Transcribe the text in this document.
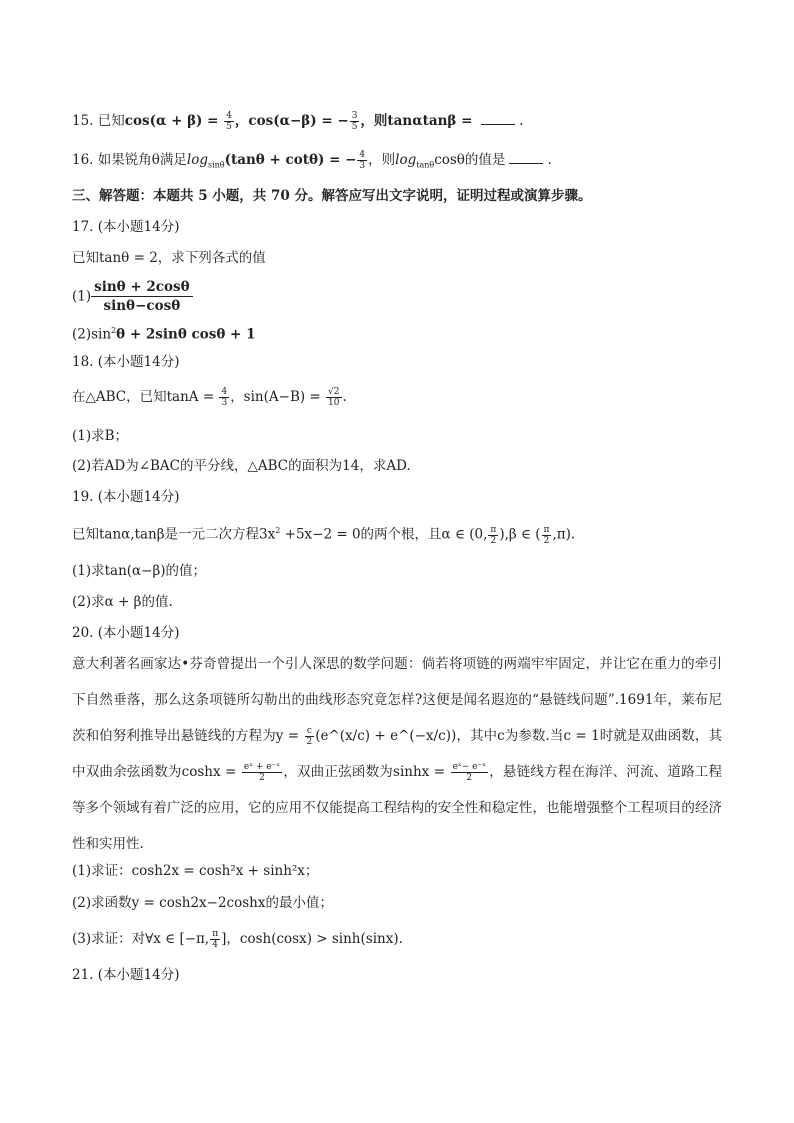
15. 已知$\cos(\alpha + \beta) = \frac{4}{5}$ ，cos(α−β) = − $\frac{3}{5}$ ，则tanαtanβ =	.
16. 如果锐角θ满足$\log_{sin\theta}(\tan\theta + \cot\theta)$ = − $\frac{4}{3}$ ，则$\log_{tan\theta}\cos\theta$的值是	.
三、解答题：本题共 5 小题，共 70 分。解答应写出文字说明，证明过程或演算步骤。
17. (本小题14分)
已知tanθ = 2，求下列各式的值
$(1) \frac{\sin\theta + 2\cos\theta}{\sin\theta-\cos\theta}$
$(2)\sin^2\theta + 2\sin\theta$ cosθ + 1
18. (本小题14分)
在△ABC，已知$\tan A = \frac{4}{3}$ ，$\sin(A-B) = \frac{√2}{10}$ .
(1)求B；
(2)若AD为∠BAC的平分线，△ABC的面积为14，求AD.
19. (本小题14分)
已知tanα,tanβ是一元二次方程$3x^2 +5x-2 = 0$的两个根，且α ∈ (0, $\frac{\pi}{2} ),\beta$ ∈ ( $\frac{\pi}{2} ,\pi$).
(1)求tan(α−β)的值；
(2)求α + β的值.
20. (本小题14分)
意大利著名画家达•芬奇曾提出一个引人深思的数学问题：倘若将项链的两端牢牢固定，并让它在重力的牵引下自然垂落，那么这条项链所勾勒出的曲线形态究竟怎样?这便是闻名遐迩的“悬链线问题”.1691年，莱布尼茨和伯努利推导出悬链线的方程为$y = \frac{c}{2}$ (e^(x/c) + e^(−x/c))，其中c为参数.当c = 1时就是双曲函数，其中双曲余弦函数为$\cosh x = \frac{\text{eˣ + e⁻ˣ}}{2}$ ，双曲正弦函数为$\sinh x = \frac{\text{eˣ− e⁻ˣ}}{2}$ ，悬链线方程在海洋、河流、道路工程等多个领域有着广泛的应用，它的应用不仅能提高工程结构的安全性和稳定性，也能增强整个工程项目的经济性和实用性.
(1)求证：cosh2x = cosh²x + sinh²x；
(2)求函数y = cosh2x−2coshx的最小值；
(3)求证：对∀x ∈ [−π, $\frac{\pi}{4}$ ]，cosh(cosx) > sinh(sinx).
21. (本小题14分)
